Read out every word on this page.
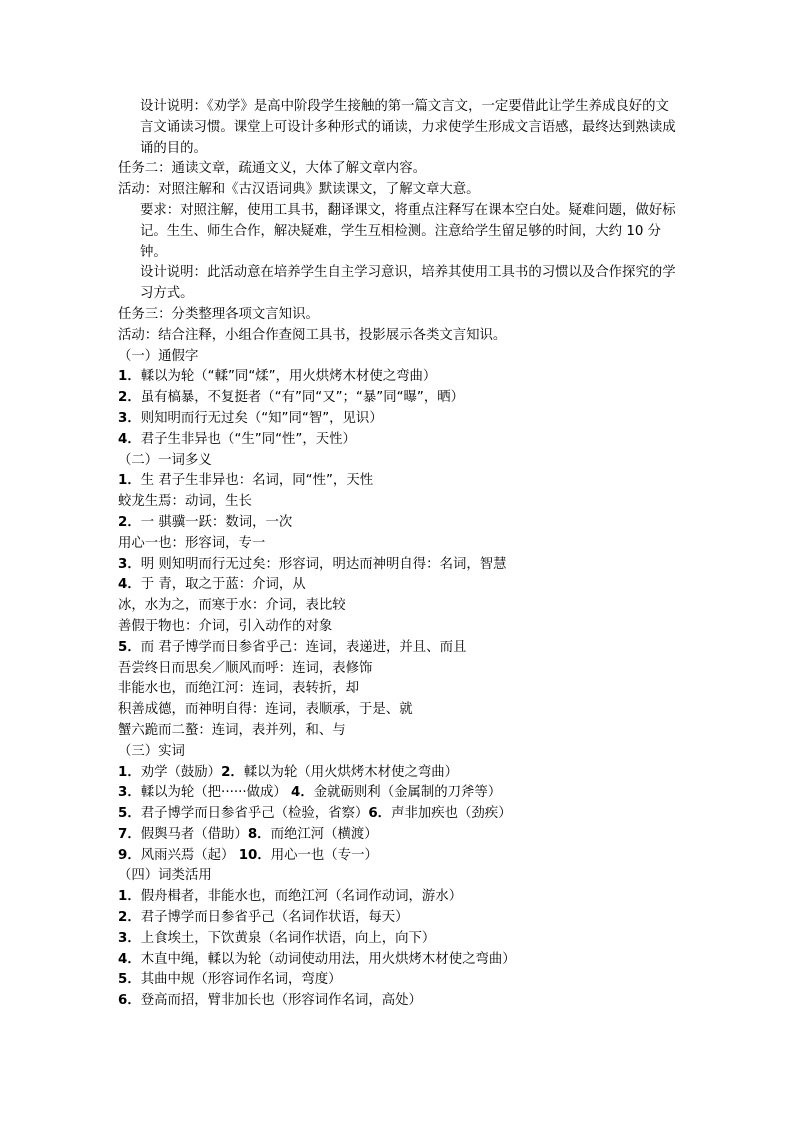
设计说明：《劝学》是高中阶段学生接触的第一篇文言文，一定要借此让学生养成良好的文言文诵读习惯。课堂上可设计多种形式的诵读，力求使学生形成文言语感，最终达到熟读成诵的目的。
任务二：通读文章，疏通文义，大体了解文章内容。
活动：对照注解和《古汉语词典》默读课文，了解文章大意。
要求：对照注解，使用工具书，翻译课文，将重点注释写在课本空白处。疑难问题，做好标记。生生、师生合作，解决疑难，学生互相检测。注意给学生留足够的时间，大约 10 分钟。
设计说明：此活动意在培养学生自主学习意识，培养其使用工具书的习惯以及合作探究的学习方式。
任务三：分类整理各项文言知识。
活动：结合注释，小组合作查阅工具书，投影展示各类文言知识。
（一）通假字
1．輮以为轮（“輮”同“煣”，用火烘烤木材使之弯曲）
2．虽有槁暴，不复挺者（“有”同“又”；“暴”同“曝”，晒）
3．则知明而行无过矣（“知”同“智”，见识）
4．君子生非异也（“生”同“性”，天性）
（二）一词多义
1．生 君子生非异也：名词，同“性”，天性
蛟龙生焉：动词，生长
2．一 骐骥一跃：数词，一次
用心一也：形容词，专一
3．明 则知明而行无过矣：形容词，明达而神明自得：名词，智慧
4．于 青，取之于蓝：介词，从
冰，水为之，而寒于水：介词，表比较
善假于物也：介词，引入动作的对象
5．而 君子博学而日参省乎己：连词，表递进，并且、而且
吾尝终日而思矣／顺风而呼：连词，表修饰
非能水也，而绝江河：连词，表转折，却
积善成德，而神明自得：连词，表顺承，于是、就
蟹六跪而二螯：连词，表并列，和、与
（三）实词
1．劝学（鼓励）2．輮以为轮（用火烘烤木材使之弯曲）
3．輮以为轮（把······做成） 4．金就砺则利（金属制的刀斧等）
5．君子博学而日参省乎己（检验，省察）6．声非加疾也（劲疾）
7．假舆马者（借助）8．而绝江河（横渡）
9．风雨兴焉（起） 10．用心一也（专一）
（四）词类活用
1．假舟楫者，非能水也，而绝江河（名词作动词，游水）
2．君子博学而日参省乎己（名词作状语，每天）
3．上食埃土，下饮黄泉（名词作状语，向上，向下）
4．木直中绳，輮以为轮（动词使动用法，用火烘烤木材使之弯曲）
5．其曲中规（形容词作名词，弯度）
6．登高而招，臂非加长也（形容词作名词，高处）
